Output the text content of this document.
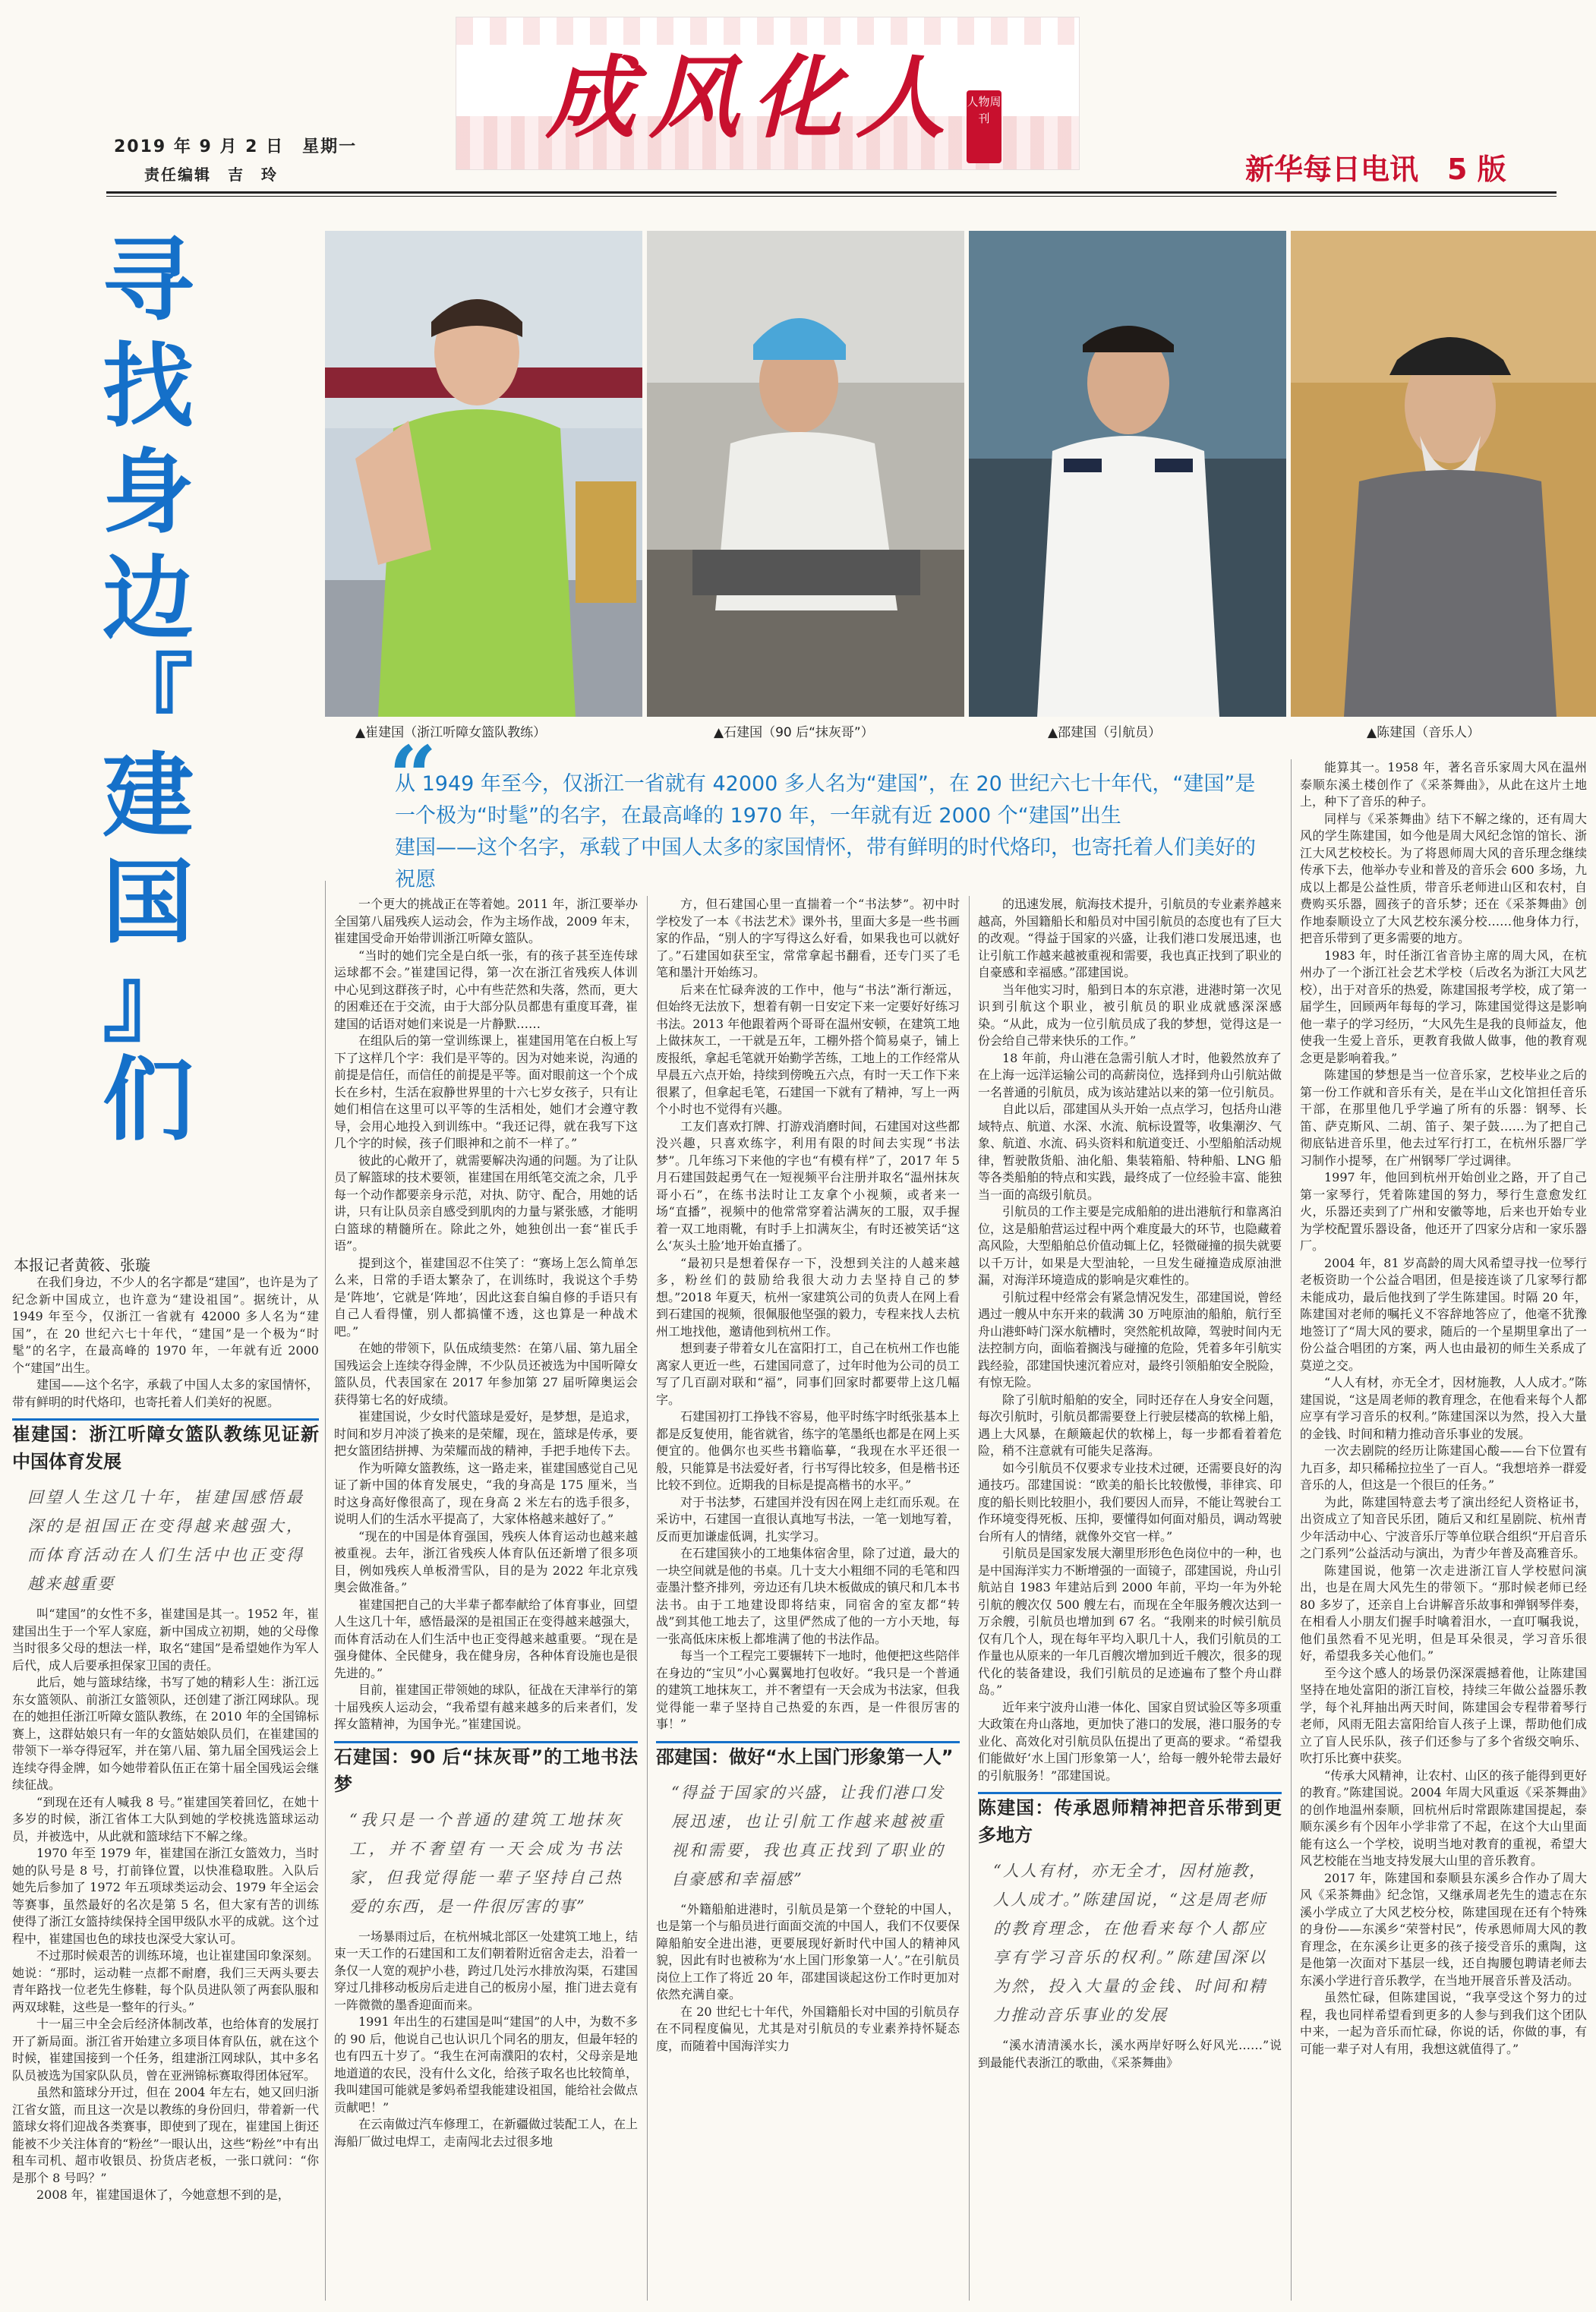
成风化人 人物周刊
2019 年 9 月 2 日　星期一
责任编辑　吉　玲	新华每日电讯　5 版
寻
找
身
边
『
建
国
』
们
本报记者黄筱、张璇
▲崔建国（浙江听障女篮队教练）	▲石建国（90 后“抹灰哥”）	▲邵建国（引航员）	▲陈建国（音乐人）
“
从 1949 年至今，仅浙江一省就有 42000 多人名为“建国”，在 20 世纪六七十年代，“建国”是一个极为“时髦”的名字，在最高峰的 1970 年，一年就有近 2000 个“建国”出生
建国——这个名字，承载了中国人太多的家国情怀，带有鲜明的时代烙印，也寄托着人们美好的祝愿

在我们身边，不少人的名字都是“建国”，也许是为了纪念新中国成立，也许意为“建设祖国”。据统计，从 1949 年至今，仅浙江一省就有 42000 多人名为“建国”，在 20 世纪六七十年代，“建国”是一个极为“时髦”的名字，在最高峰的 1970 年，一年就有近 2000 个“建国”出生。

建国——这个名字，承载了中国人太多的家国情怀，带有鲜明的时代烙印，也寄托着人们美好的祝愿。

崔建国：浙江听障女篮队教练见证新中国体育发展
回望人生这几十年，崔建国感悟最深的是祖国正在变得越来越强大，而体育活动在人们生活中也正变得越来越重要

叫“建国”的女性不多，崔建国是其一。1952 年，崔建国出生于一个军人家庭，新中国成立初期，她的父母像当时很多父母的想法一样，取名“建国”是希望她作为军人后代，成人后要承担保家卫国的责任。

此后，她与篮球结缘，书写了她的精彩人生：浙江远东女篮领队、前浙江女篮领队，还创建了浙江网球队。现在的她担任浙江听障女篮队教练，在 2010 年的全国锦标赛上，这群姑娘只有一年的女篮姑娘队员们，在崔建国的带领下一举夺得冠军，并在第八届、第九届全国残运会上连续夺得金牌，如今她带着队伍正在第十届全国残运会继续征战。

“到现在还有人喊我 8 号。”崔建国笑着回忆，在她十多岁的时候，浙江省体工大队到她的学校挑选篮球运动员，并被选中，从此就和篮球结下不解之缘。

1970 年至 1979 年，崔建国在浙江女篮效力，当时她的队号是 8 号，打前锋位置，以快准稳取胜。入队后她先后参加了 1972 年五项球类运动会、1979 年全运会等赛事，虽然最好的名次是第 5 名，但大家有苦的训练使得了浙江女篮持续保持全国甲级队水平的成就。这个过程中，崔建国也色的球技也深受大家认可。

不过那时候艰苦的训练环境，也让崔建国印象深刻。她说：“那时，运动鞋一点都不耐磨，我们三天两头要去青年路找一位老先生修鞋，每个队员进队领了两套队服和两双球鞋，这些是一整年的行头。”

十一届三中全会后经济体制改革，也给体育的发展打开了新局面。浙江省开始建立多项目体育队伍，就在这个时候，崔建国接到一个任务，组建浙江网球队，其中多名队员被选为国家队队员，曾在亚洲锦标赛取得团体冠军。

虽然和篮球分开过，但在 2004 年左右，她又回归浙江省女篮，而且这一次是以教练的身份回归，带着新一代篮球女将们迎战各类赛事，即使到了现在，崔建国上街还能被不少关注体育的“粉丝”一眼认出，这些“粉丝”中有出租车司机、超市收银员、扮货店老板，一张口就问：“你是那个 8 号吗？”

2008 年，崔建国退休了，今她意想不到的是，

一个更大的挑战正在等着她。2011 年，浙江要举办全国第八届残疾人运动会，作为主场作战，2009 年末，崔建国受命开始带训浙江听障女篮队。

“当时的她们完全是白纸一张，有的孩子甚至连传球运球都不会。”崔建国记得，第一次在浙江省残疾人体训中心见到这群孩子时，心中有些茫然和失落，然而，更大的困难还在于交流，由于大部分队员都患有重度耳聋，崔建国的话语对她们来说是一片静默……

在组队后的第一堂训练课上，崔建国用笔在白板上写下了这样几个字：我们是平等的。因为对她来说，沟通的前提是信任，而信任的前提是平等。面对眼前这一个个成长在乡村，生活在寂静世界里的十六七岁女孩子，只有让她们相信在这里可以平等的生活相处，她们才会遵守教导，会用心地投入到训练中。“我还记得，就在我写下这几个字的时候，孩子们眼神和之前不一样了。”

彼此的心敞开了，就需要解决沟通的问题。为了让队员了解篮球的技术要领，崔建国在用纸笔交流之余，几乎每一个动作都要亲身示范，对执、防守、配合，用她的话讲，只有让队员亲自感受到肌肉的力量与紧张感，才能明白篮球的精髓所在。除此之外，她独创出一套“崔氏手语”。

提到这个，崔建国忍不住笑了：“赛场上怎么简单怎么来，日常的手语太繁杂了，在训练时，我说这个手势是‘阵地’，它就是‘阵地’，因此这套自编自修的手语只有自己人看得懂，别人都搞懂不透，这也算是一种战术吧。”

在她的带领下，队伍成绩斐然：在第八届、第九届全国残运会上连续夺得金牌，不少队员还被选为中国听障女篮队员，代表国家在 2017 年参加第 27 届听障奥运会获得第七名的好成绩。

崔建国说，少女时代篮球是爱好，是梦想，是追求，时间和岁月冲淡了换来的是荣耀，现在，篮球是传承，要把女篮团结拼搏、为荣耀而战的精神，手把手地传下去。

作为听障女篮教练，这一路走来，崔建国感觉自己见证了新中国的体育发展史，“我的身高是 175 厘米，当时这身高好像很高了，现在身高 2 米左右的选手很多，说明人们的生活水平提高了，大家体格越来越好了。”

“现在的中国是体育强国，残疾人体育运动也越来越被重视。去年，浙江省残疾人体育队伍还新增了很多项目，例如残疾人单板滑雪队，目的是为 2022 年北京残奥会做准备。”

崔建国把自己的大半辈子都奉献给了体育事业，回望人生这几十年，感悟最深的是祖国正在变得越来越强大，而体育活动在人们生活中也正变得越来越重要。“现在是强身健体、全民健身，我在健身房，各种体育设施也是很先进的。”

目前，崔建国正带领她的球队，征战在天津举行的第十届残疾人运动会，“我希望有越来越多的后来者们，发挥女篮精神，为国争光。”崔建国说。

石建国：90 后“抹灰哥”的工地书法梦
“我只是一个普通的建筑工地抹灰工，并不奢望有一天会成为书法家，但我觉得能一辈子坚持自己热爱的东西，是一件很厉害的事”

一场暴雨过后，在杭州城北部区一处建筑工地上，结束一天工作的石建国和工友们朝着附近宿舍走去，沿着一条仅一人宽的观护小巷，跨过几处污水排放沟渠，石建国穿过几排移动板房后走进自己的板房小屋，推门进去竟有一阵微微的墨香迎面而来。

1991 年出生的石建国是叫“建国”的人中，为数不多的 90 后，他说自己也认识几个同名的朋友，但最年轻的也有四五十岁了。“我生在河南濮阳的农村，父母亲是地地道道的农民，没有什么文化，给孩子取名也比较简单，我叫建国可能就是爹妈希望我能建设祖国，能给社会做点贡献吧！”

在云南做过汽车修理工，在新疆做过装配工人，在上海船厂做过电焊工，走南闯北去过很多地

方，但石建国心里一直揣着一个“书法梦”。初中时学校发了一本《书法艺术》课外书，里面大多是一些书画家的作品，“别人的字写得这么好看，如果我也可以就好了。”石建国如获至宝，常常拿起书翻看，还专门买了毛笔和墨汁开始练习。

后来在忙碌奔波的工作中，他与“书法”渐行渐远，但始终无法放下，想着有朝一日安定下来一定要好好练习书法。2013 年他跟着两个哥哥在温州安顿，在建筑工地上做抹灰工，一干就是五年，工棚外搭个简易桌子，铺上废报纸，拿起毛笔就开始勤学苦练，工地上的工作经常从早晨五六点开始，持续到傍晚五六点，有时一天工作下来很累了，但拿起毛笔，石建国一下就有了精神，写上一两个小时也不觉得有兴趣。

工友们喜欢打牌、打游戏消磨时间，石建国对这些都没兴趣，只喜欢练字，利用有限的时间去实现“书法梦”。几年练习下来他的字也“有模有样”了，2017 年 5 月石建国鼓起勇气在一短视频平台注册并取名“温州抹灰哥小石”，在练书法时让工友拿个小视频，或者来一场“直播”，视频中的他常常穿着沾满灰的工服，双手握着一双工地雨靴，有时手上扣满灰尘，有时还被笑话“这么‘灰头土脸’地开始直播了。

“最初只是想着保存一下，没想到关注的人越来越多，粉丝们的鼓励给我很大动力去坚持自己的梦想。”2018 年夏天，杭州一家建筑公司的负责人在网上看到石建国的视频，很佩服他坚强的毅力，专程来找人去杭州工地找他，邀请他到杭州工作。

想到妻子带着女儿在富阳打工，自己在杭州工作也能离家人更近一些，石建国同意了，过年时他为公司的员工写了几百副对联和“福”，同事们回家时都要带上这几幅字。

石建国初打工挣钱不容易，他平时练字时纸张基本上都是反复使用，能省就省，练字的笔墨纸也都是在网上买便宜的。他偶尔也买些书籍临摹，“我现在水平还很一般，只能算是书法爱好者，行书写得比较多，但是楷书还比较不到位。近期我的目标是提高楷书的水平。”

对于书法梦，石建国并没有因在网上走红而乐观。在采访中，石建国一直很认真地写书法，一笔一划地写着，反而更加谦虚低调，扎实学习。

在石建国狭小的工地集体宿舍里，除了过道，最大的一块空间就是他的书桌。几十支大小粗细不同的毛笔和四壶墨汁整齐排列，旁边还有几块木板做成的镇尺和几本书法书。由于工地建设即将结束，同宿舍的室友都“转战”到其他工地去了，这里俨然成了他的一方小天地，每一张高低床床板上都堆满了他的书法作品。

每当一个工程完工要辗转下一地时，他便把这些陪伴在身边的“宝贝”小心翼翼地打包收好。“我只是一个普通的建筑工地抹灰工，并不奢望有一天会成为书法家，但我觉得能一辈子坚持自己热爱的东西，是一件很厉害的事！”

邵建国：做好“水上国门形象第一人”
“得益于国家的兴盛，让我们港口发展迅速，也让引航工作越来越被重视和需要，我也真正找到了职业的自豪感和幸福感”

“外籍船舶进港时，引航员是第一个登轮的中国人，也是第一个与船员进行面面交流的中国人，我们不仅要保障船舶安全进出港，更要展现好新时代中国人的精神风貌，因此有时也被称为‘水上国门形象第一人’。”在引航员岗位上工作了将近 20 年，邵建国谈起这份工作时更加对依然充满自豪。

在 20 世纪七十年代，外国籍船长对中国的引航员存在不同程度偏见，尤其是对引航员的专业素养持怀疑态度，而随着中国海洋实力

的迅速发展，航海技术提升，引航员的专业素养越来越高，外国籍船长和船员对中国引航员的态度也有了巨大的改观。“得益于国家的兴盛，让我们港口发展迅速，也让引航工作越来越被重视和需要，我也真正找到了职业的自豪感和幸福感。”邵建国说。

当年他实习时，船到日本的东京港，进港时第一次见识到引航这个职业，被引航员的职业成就感深深感染。“从此，成为一位引航员成了我的梦想，觉得这是一份会给自己带来快乐的工作。”

18 年前，舟山港在急需引航人才时，他毅然放弃了在上海一远洋运输公司的高薪岗位，选择到舟山引航站做一名普通的引航员，成为该站建站以来的第一位引航员。

自此以后，邵建国从头开始一点点学习，包括舟山港域特点、航道、水深、水流、航标设置等，收集潮汐、气象、航道、水流、码头资料和航道变迁、小型船舶活动规律，暂驶散货船、油化船、集装箱船、特种船、LNG 船等各类船舶的特点和实践，最终成了一位经验丰富、能独当一面的高级引航员。

引航员的工作主要是完成船舶的进出港航行和靠离泊位，这是船舶营运过程中两个难度最大的环节，也隐藏着高风险，大型船舶总价值动辄上亿，轻微碰撞的损失就要以千万计，如果是大型油轮，一旦发生碰撞造成原油泄漏，对海洋环境造成的影响是灾难性的。

引航过程中经常会有紧急情况发生，邵建国说，曾经遇过一艘从中东开来的载满 30 万吨原油的船舶，航行至舟山港虾峙门深水航槽时，突然舵机故障，驾驶时间内无法控制方向，面临着搁浅与碰撞的危险，凭着多年引航实践经验，邵建国快速沉着应对，最终引领船舶安全脱险，有惊无险。

除了引航时船舶的安全，同时还存在人身安全问题，每次引航时，引航员都需要登上行驶层楼高的软梯上船，遇上大风暴，在颠簸起伏的软梯上，每一步都看着着危险，稍不注意就有可能失足落海。

如今引航员不仅要求专业技术过硬，还需要良好的沟通技巧。邵建国说：“欧美的船长比较傲慢，菲律宾、印度的船长则比较胆小，我们要因人而异，不能让驾驶台工作环境变得死板、压抑，要懂得如何面对船员，调动驾驶台所有人的情绪，就像外交官一样。”

引航员是国家发展大潮里形形色色岗位中的一种，也是中国海洋实力不断增强的一面镜子，邵建国说，舟山引航站自 1983 年建站后到 2000 年前，平均一年为外轮引航的艘次仅 500 艘左右，而现在全年服务艘次达到一万余艘，引航员也增加到 67 名。“我刚来的时候引航员仅有几个人，现在每年平均入职几十人，我们引航员的工作量也从原来的一年几百艘次增加到近千艘次，很多的现代化的装备建设，我们引航员的足迹遍布了整个舟山群岛。”

近年来宁波舟山港一体化、国家自贸试验区等多项重大政策在舟山落地，更加快了港口的发展，港口服务的专业化、高效化对引航员队伍提出了更高的要求。“希望我们能做好‘水上国门形象第一人’，给每一艘外轮带去最好的引航服务！”邵建国说。

陈建国：传承恩师精神把音乐带到更多地方
“人人有材，亦无全才，因材施教，人人成才。”陈建国说，“这是周老师的教育理念，在他看来每个人都应享有学习音乐的权利。”陈建国深以为然，投入大量的金钱、时间和精力推动音乐事业的发展

“溪水清清溪水长，溪水两岸好呀么好风光……”说到最能代表浙江的歌曲，《采茶舞曲》

能算其一。1958 年，著名音乐家周大风在温州泰顺东溪土楼创作了《采茶舞曲》，从此在这片土地上，种下了音乐的种子。

同样与《采茶舞曲》结下不解之缘的，还有周大风的学生陈建国，如今他是周大风纪念馆的馆长、浙江大风艺校校长。为了将恩师周大风的音乐理念继续传承下去，他举办专业和普及的音乐会 600 多场，九成以上都是公益性质，带音乐老师进山区和农村，自费购买乐器，圆孩子的音乐梦；还在《采茶舞曲》创作地泰顺设立了大风艺校东溪分校……他身体力行，把音乐带到了更多需要的地方。

1983 年，时任浙江省音协主席的周大风，在杭州办了一个浙江社会艺术学校（后改名为浙江大风艺校），出于对音乐的热爱，陈建国报考学校，成了第一届学生，回顾两年每每的学习，陈建国觉得这是影响他一辈子的学习经历，“大风先生是我的良师益友，他使我一生爱上音乐，更教育我做人做事，他的教育观念更是影响着我。”

陈建国的梦想是当一位音乐家，艺校毕业之后的第一份工作就和音乐有关，是在半山文化馆担任音乐干部，在那里他几乎学遍了所有的乐器：钢琴、长笛、萨克斯风、二胡、笛子、架子鼓……为了把自己彻底钻进音乐里，他去过军行打工，在杭州乐器厂学习制作小提琴，在广州钢琴厂学过调律。

1997 年，他回到杭州开始创业之路，开了自己第一家琴行，凭着陈建国的努力，琴行生意愈发红火，乐器还卖到了广州和安徽等地，后来也开始专业为学校配置乐器设备，他还开了四家分店和一家乐器厂。

2004 年，81 岁高龄的周大风希望寻找一位琴行老板资助一个公益合唱团，但是接连谈了几家琴行都未能成功，最后他找到了学生陈建国。时隔 20 年，陈建国对老师的嘱托义不容辞地答应了，他毫不犹豫地签订了“周大风的要求，随后的一个星期里拿出了一份公益合唱团的方案，两人也由最初的师生关系成了莫逆之交。

“人人有材，亦无全才，因材施教，人人成才。”陈建国说，“这是周老师的教育理念，在他看来每个人都应享有学习音乐的权利。”陈建国深以为然，投入大量的金钱、时间和精力推动音乐事业的发展。

一次去剧院的经历让陈建国心酸——台下位置有九百多，却只稀稀拉拉坐了一百人。“我想培养一群爱音乐的人，但这是一个很巨的任务。”

为此，陈建国特意去考了演出经纪人资格证书，出资成立了知音民乐团，随后又和红星剧院、杭州青少年活动中心、宁波音乐厅等单位联合组织“开启音乐之门系列”公益活动与演出，为青少年普及高雅音乐。

陈建国说，他第一次走进浙江盲人学校慰问演出，也是在周大风先生的带领下。“那时候老师已经 80 多岁了，还亲自上台讲解音乐故事和弹钢琴伴奏，在相看人小朋友们握手时噙着泪水，一直叮嘱我说，他们虽然看不见光明，但是耳朵很灵，学习音乐很好，希望我多关心他们。”

至今这个感人的场景仍深深震撼着他，让陈建国坚持在地处富阳的浙江盲校，持续三年做公益器乐教学，每个礼拜抽出两天时间，陈建国会专程带着琴行老师，风雨无阻去富阳给盲人孩子上课，帮助他们成立了盲人民乐队，孩子们还参与了多个省级交响乐、吹打乐比赛中获奖。

“传承大风精神，让农村、山区的孩子能得到更好的教育。”陈建国说。2004 年周大风重返《采茶舞曲》的创作地温州泰顺，回杭州后时常跟陈建国提起，泰顺东溪乡有个因年小学非常了不起，在这个大山里面能有这么一个学校，说明当地对教育的重视，希望大风艺校能在当地支持发展大山里的音乐教育。

2017 年，陈建国和泰顺县东溪乡合作办了周大风《采茶舞曲》纪念馆，又继承周老先生的遗志在东溪小学成立了大风艺校分校，陈建国现在还有个特殊的身份——东溪乡“荣誉村民”，传承恩师周大风的教育理念，在东溪乡让更多的孩子接受音乐的熏陶，这是他第一次面对下基层一线，还自掏腰包聘请老师去东溪小学进行音乐教学，在当地开展音乐普及活动。

虽然忙碌，但陈建国说，“我享受这个努力的过程，我也同样希望看到更多的人参与到我们这个团队中来，一起为音乐而忙碌，你说的话，你做的事，有可能一辈子对人有用，我想这就值得了。”
